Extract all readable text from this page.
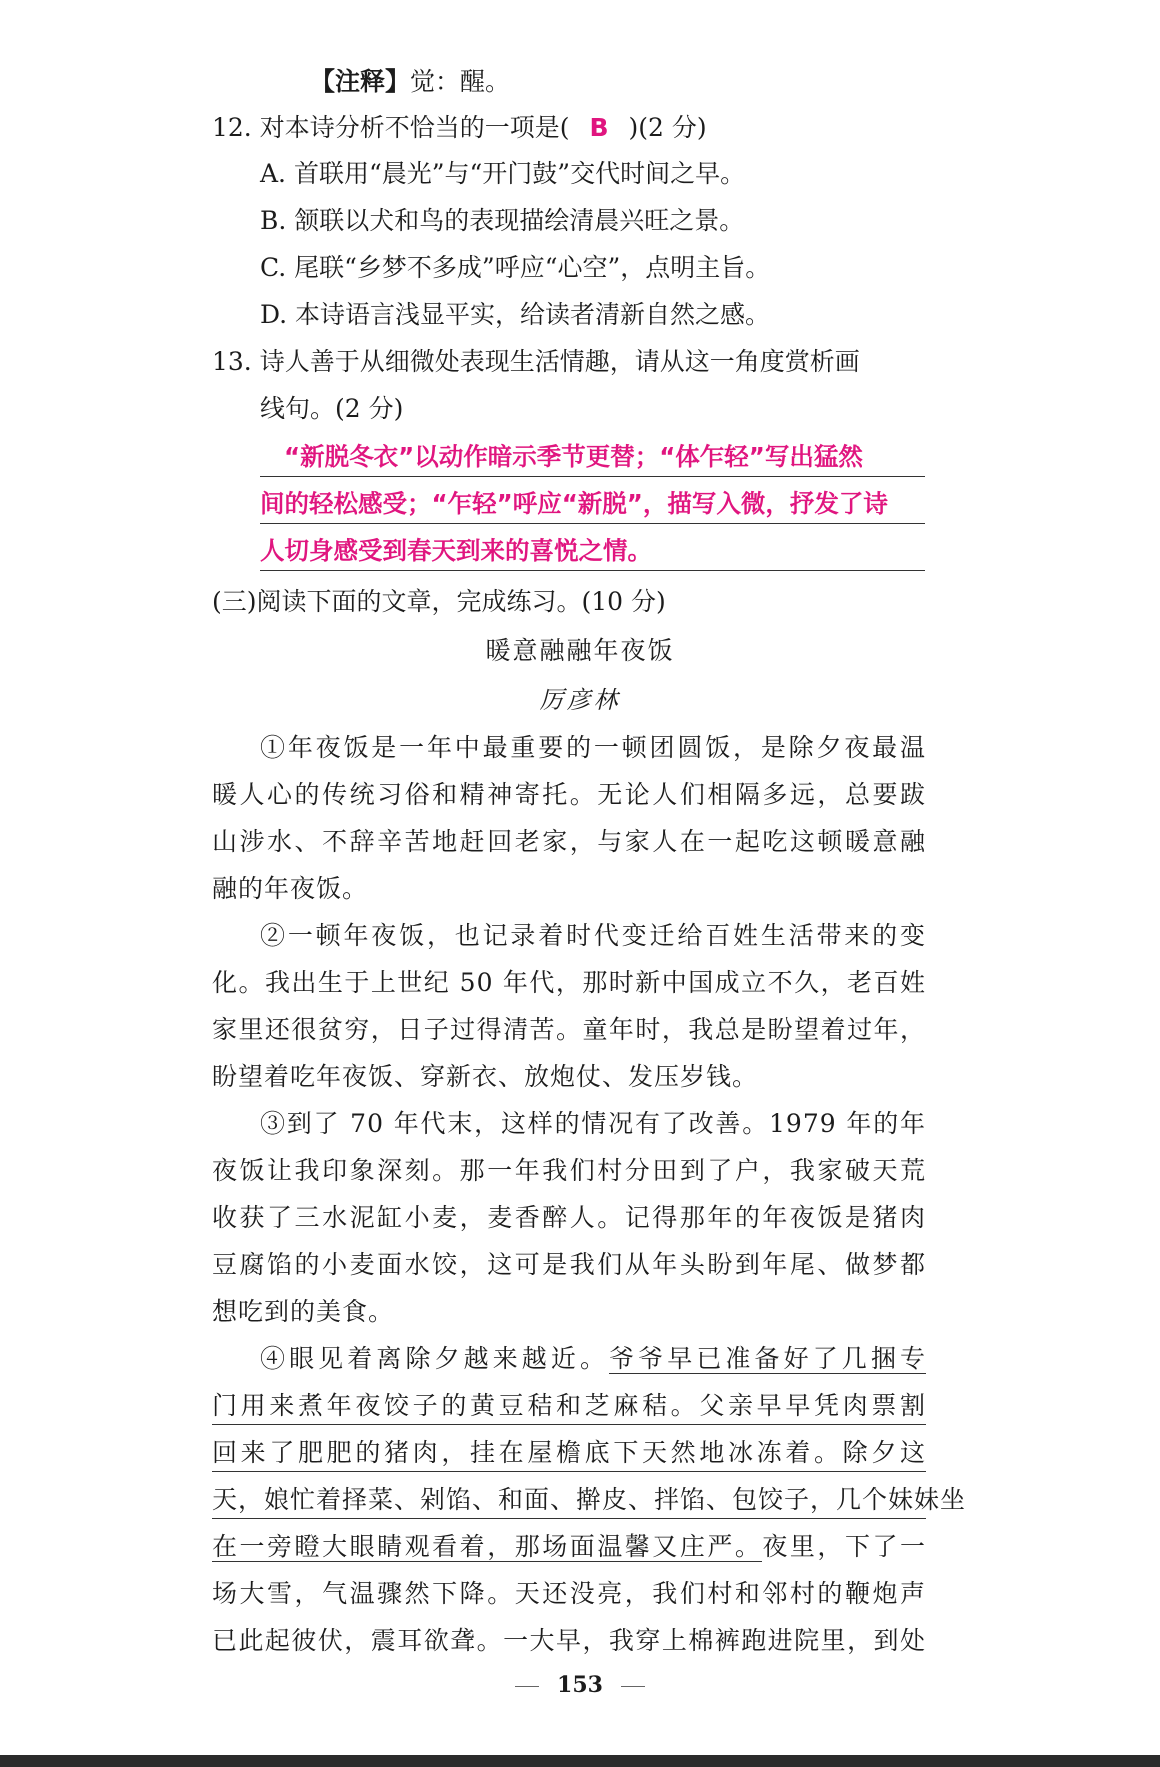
【注释】觉：醒。
12. 对本诗分析不恰当的一项是( B )(2 分)
A. 首联用“晨光”与“开门鼓”交代时间之早。
B. 颔联以犬和鸟的表现描绘清晨兴旺之景。
C. 尾联“乡梦不多成”呼应“心空”，点明主旨。
D. 本诗语言浅显平实，给读者清新自然之感。
13. 诗人善于从细微处表现生活情趣，请从这一角度赏析画
线句。(2 分)
“新脱冬衣”以动作暗示季节更替；“体乍轻”写出猛然
间的轻松感受；“乍轻”呼应“新脱”，描写入微，抒发了诗
人切身感受到春天到来的喜悦之情。
(三)阅读下面的文章，完成练习。(10 分)
暖意融融年夜饭
厉彦林
①年夜饭是一年中最重要的一顿团圆饭，是除夕夜最温
暖人心的传统习俗和精神寄托。无论人们相隔多远，总要跋
山涉水、不辞辛苦地赶回老家，与家人在一起吃这顿暖意融
融的年夜饭。
②一顿年夜饭，也记录着时代变迁给百姓生活带来的变
化。我出生于上世纪 50 年代，那时新中国成立不久，老百姓
家里还很贫穷，日子过得清苦。童年时，我总是盼望着过年，
盼望着吃年夜饭、穿新衣、放炮仗、发压岁钱。
③到了 70 年代末，这样的情况有了改善。1979 年的年
夜饭让我印象深刻。那一年我们村分田到了户，我家破天荒
收获了三水泥缸小麦，麦香醉人。记得那年的年夜饭是猪肉
豆腐馅的小麦面水饺，这可是我们从年头盼到年尾、做梦都
想吃到的美食。
④眼见着离除夕越来越近。爷爷早已准备好了几捆专
门用来煮年夜饺子的黄豆秸和芝麻秸。父亲早早凭肉票割
回来了肥肥的猪肉，挂在屋檐底下天然地冰冻着。除夕这
天，娘忙着择菜、剁馅、和面、擀皮、拌馅、包饺子，几个妹妹坐
在一旁瞪大眼睛观看着，那场面温馨又庄严。夜里，下了一
场大雪，气温骤然下降。天还没亮，我们村和邻村的鞭炮声
已此起彼伏，震耳欲聋。一大早，我穿上棉裤跑进院里，到处
153
